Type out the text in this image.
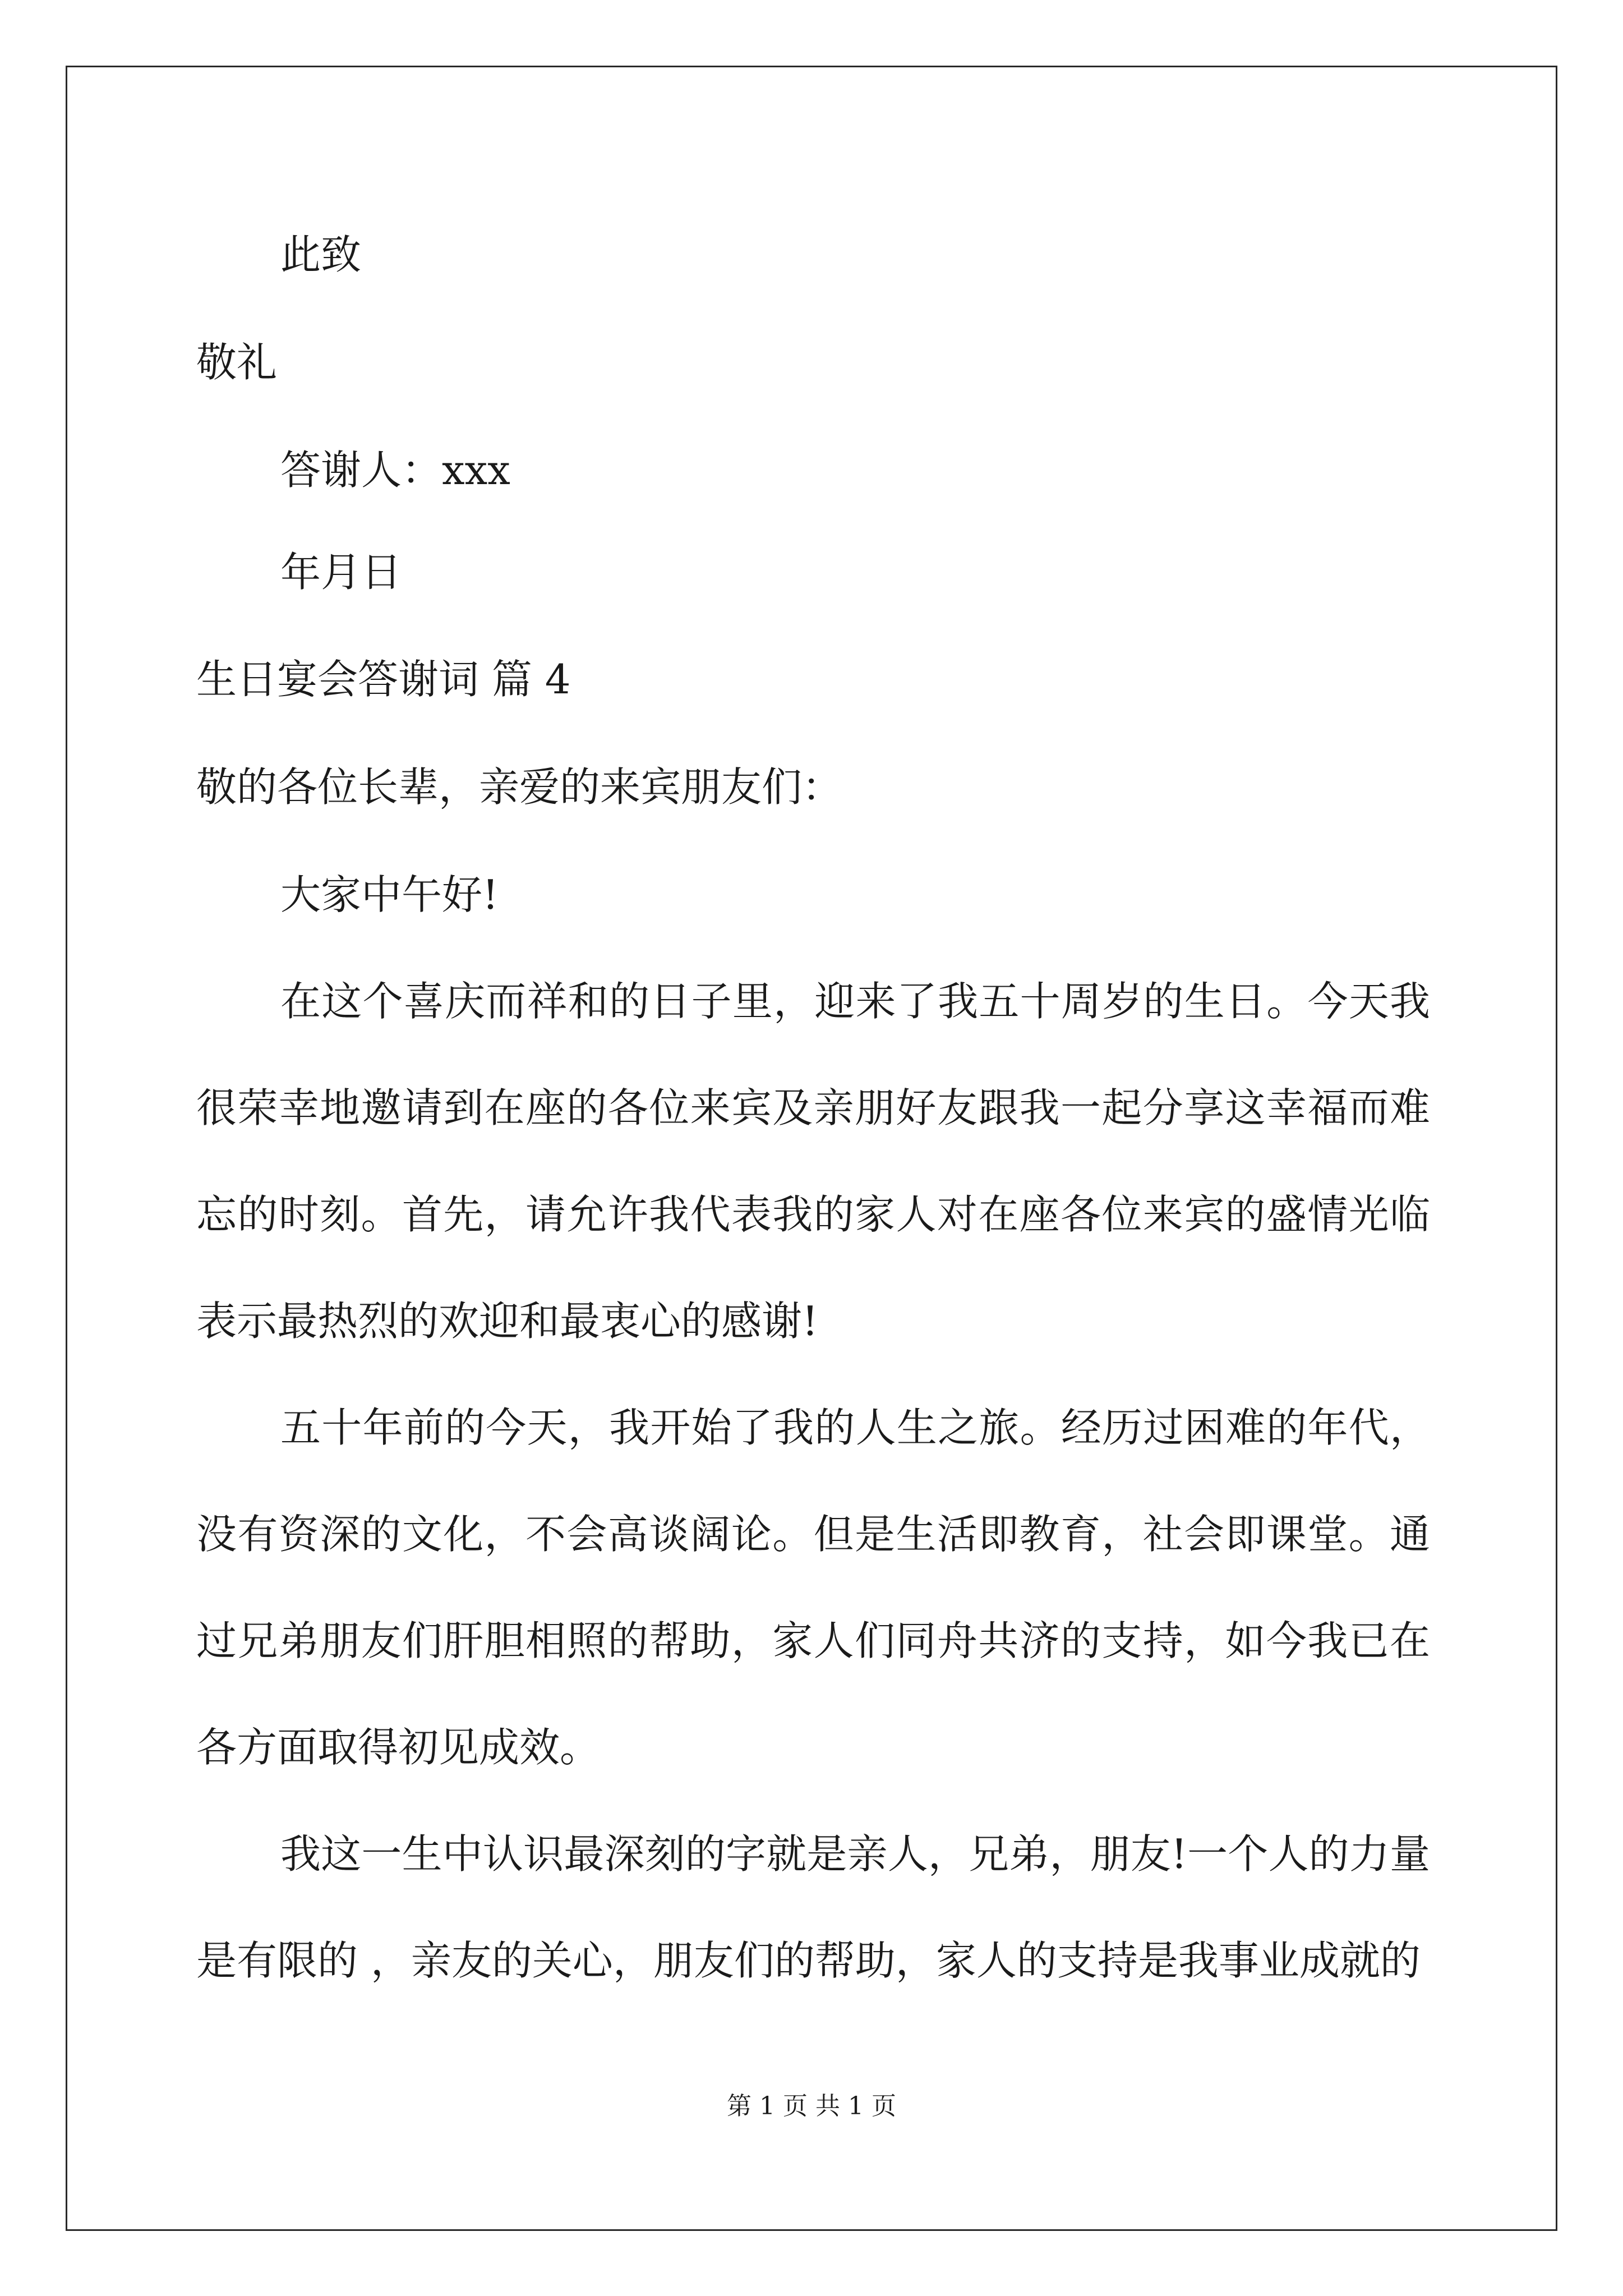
此致
敬礼
答谢人：xxx
年月日
生日宴会答谢词 篇 4
敬的各位长辈，亲爱的来宾朋友们：
大家中午好!

在这个喜庆而祥和的日子里，迎来了我五十周岁的生日。今天我很荣幸地邀请到在座的各位来宾及亲朋好友跟我一起分享这幸福而难忘的时刻。首先，请允许我代表我的家人对在座各位来宾的盛情光临表示最热烈的欢迎和最衷心的感谢!

五十年前的今天，我开始了我的人生之旅。经历过困难的年代，没有资深的文化，不会高谈阔论。但是生活即教育，社会即课堂。通过兄弟朋友们肝胆相照的帮助，家人们同舟共济的支持，如今我已在各方面取得初见成效。

我这一生中认识最深刻的字就是亲人，兄弟，朋友!一个人的力量是有限的 ，亲友的关心，朋友们的帮助，家人的支持是我事业成就的

第 1 页 共 1 页
